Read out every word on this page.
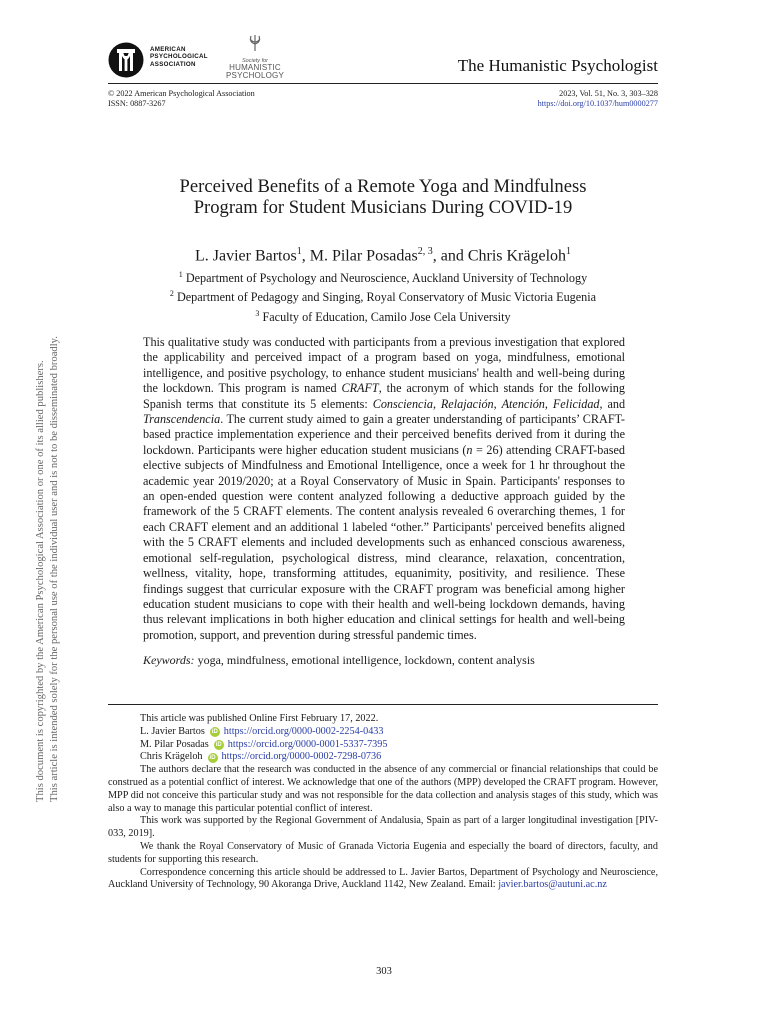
This document is copyrighted by the American Psychological Association or one of its allied publishers. This article is intended solely for the personal use of the individual user and is not to be disseminated broadly.
AMERICAN
PSYCHOLOGICAL
ASSOCIATION	Society for
HUMANISTIC
PSYCHOLOGY
The Humanistic Psychologist
© 2022 American Psychological Association
ISSN: 0887-3267
2023, Vol. 51, No. 3, 303–328
https://doi.org/10.1037/hum0000277
Perceived Benefits of a Remote Yoga and Mindfulness
Program for Student Musicians During COVID-19
L. Javier Bartos$^1$, M. Pilar Posadas$^{2, 3}$, and Chris Krägeloh$^1$
$^1$ Department of Psychology and Neuroscience, Auckland University of Technology
$^2$ Department of Pedagogy and Singing, Royal Conservatory of Music Victoria Eugenia
$^3$ Faculty of Education, Camilo Jose Cela University

This qualitative study was conducted with participants from a previous investigation that explored the applicability and perceived impact of a program based on yoga, mindfulness, emotional intelligence, and positive psychology, to enhance student musicians' health and well-being during the lockdown. This program is named CRAFT, the acronym of which stands for the following Spanish terms that constitute its 5 elements: Consciencia, Relajación, Atención, Felicidad, and Transcendencia. The current study aimed to gain a greater understanding of participants’ CRAFT-based practice implementation experience and their perceived benefits derived from it during the lockdown. Participants were higher education student musicians (n = 26) attending CRAFT-based elective subjects of Mindfulness and Emotional Intelligence, once a week for 1 hr throughout the academic year 2019/2020; at a Royal Conservatory of Music in Spain. Participants' responses to an open-ended question were content analyzed following a deductive approach guided by the framework of the 5 CRAFT elements. The content analysis revealed 6 overarching themes, 1 for each CRAFT element and an additional 1 labeled “other.” Participants' perceived benefits aligned with the 5 CRAFT elements and included developments such as enhanced conscious awareness, emotional self-regulation, psychological distress, mind clearance, relaxation, concentration, wellness, vitality, hope, transforming attitudes, equanimity, positivity, and resilience. These findings suggest that curricular exposure with the CRAFT program was beneficial among higher education student musicians to cope with their health and well-being lockdown demands, having thus relevant implications in both higher education and clinical settings for health and well-being promotion, support, and prevention during stressful pandemic times.

Keywords: yoga, mindfulness, emotional intelligence, lockdown, content analysis

This article was published Online First February 17, 2022.

L. Javier Bartos	iD https://orcid.org/0000-0002-2254-0433

M. Pilar Posadas	iD https://orcid.org/0000-0001-5337-7395

Chris Krägeloh	iD https://orcid.org/0000-0002-7298-0736

The authors declare that the research was conducted in the absence of any commercial or financial relationships that could be construed as a potential conflict of interest. We acknowledge that one of the authors (MPP) developed the CRAFT program. However, MPP did not conceive this particular study and was not responsible for the data collection and analysis stages of this study, which was also a way to manage this particular potential conflict of interest.

This work was supported by the Regional Government of Andalusia, Spain as part of a larger longitudinal investigation [PIV-033, 2019].

We thank the Royal Conservatory of Music of Granada Victoria Eugenia and especially the board of directors, faculty, and students for supporting this research.

Correspondence concerning this article should be addressed to L. Javier Bartos, Department of Psychology and Neuroscience, Auckland University of Technology, 90 Akoranga Drive, Auckland 1142, New Zealand. Email: javier.bartos@autuni.ac.nz

303
